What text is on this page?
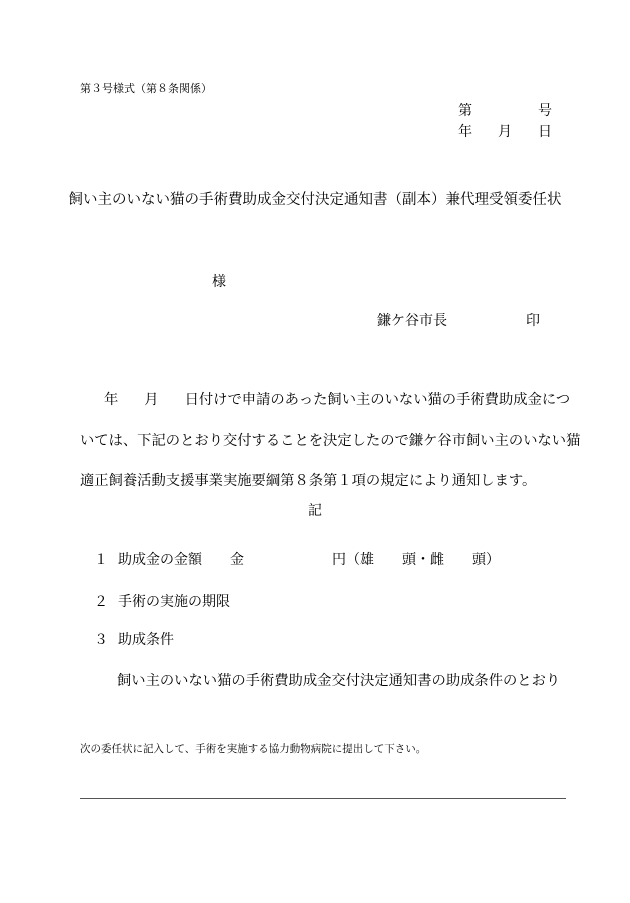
第３号様式（第８条関係）
第	号
年 月 日
飼い主のいない猫の手術費助成金交付決定通知書（副本）兼代理受領委任状
様
鎌ケ谷市長	印
年 月 日付けで申請のあった飼い主のいない猫の手術費助成金につ
いては、下記のとおり交付することを決定したので鎌ケ谷市飼い主のいない猫
適正飼養活動支援事業実施要綱第８条第１項の規定により通知します。
記
１ 助成金の金額 金	円（雄 頭・雌 頭）
２ 手術の実施の期限
３ 助成条件
飼い主のいない猫の手術費助成金交付決定通知書の助成条件のとおり
次の委任状に記入して、手術を実施する協力動物病院に提出して下さい。
